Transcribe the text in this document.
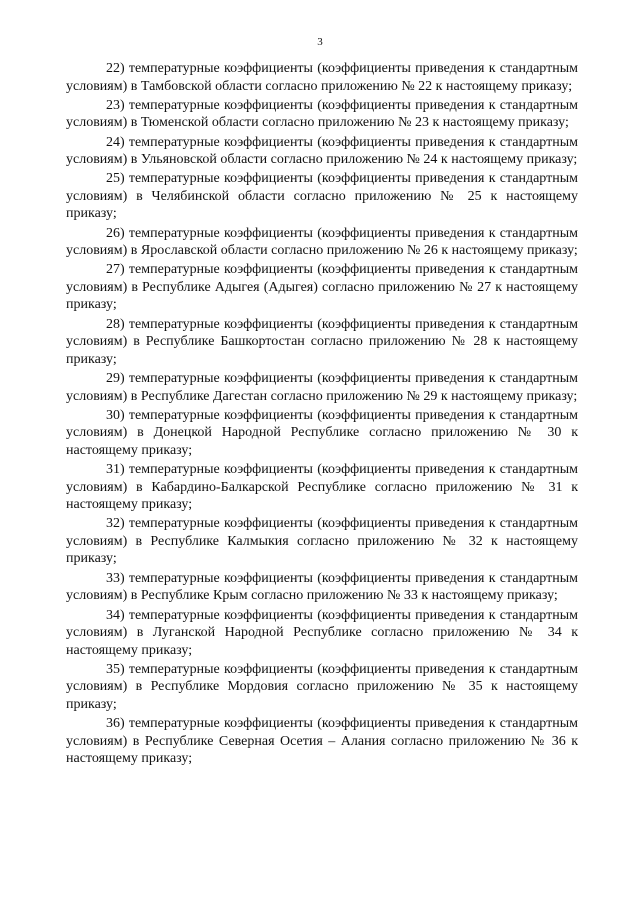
3

22) температурные коэффициенты (коэффициенты приведения к стандартным условиям) в Тамбовской области согласно приложению № 22 к настоящему приказу;

23) температурные коэффициенты (коэффициенты приведения к стандартным условиям) в Тюменской области согласно приложению № 23 к настоящему приказу;

24) температурные коэффициенты (коэффициенты приведения к стандартным условиям) в Ульяновской области согласно приложению № 24 к настоящему приказу;

25) температурные коэффициенты (коэффициенты приведения к стандартным условиям) в Челябинской области согласно приложению № 25 к настоящему приказу;

26) температурные коэффициенты (коэффициенты приведения к стандартным условиям) в Ярославской области согласно приложению № 26 к настоящему приказу;

27) температурные коэффициенты (коэффициенты приведения к стандартным условиям) в Республике Адыгея (Адыгея) согласно приложению № 27 к настоящему приказу;

28) температурные коэффициенты (коэффициенты приведения к стандартным условиям) в Республике Башкортостан согласно приложению № 28 к настоящему приказу;

29) температурные коэффициенты (коэффициенты приведения к стандартным условиям) в Республике Дагестан согласно приложению № 29 к настоящему приказу;

30) температурные коэффициенты (коэффициенты приведения к стандартным условиям) в Донецкой Народной Республике согласно приложению № 30 к настоящему приказу;

31) температурные коэффициенты (коэффициенты приведения к стандартным условиям) в Кабардино-Балкарской Республике согласно приложению № 31 к настоящему приказу;

32) температурные коэффициенты (коэффициенты приведения к стандартным условиям) в Республике Калмыкия согласно приложению № 32 к настоящему приказу;

33) температурные коэффициенты (коэффициенты приведения к стандартным условиям) в Республике Крым согласно приложению № 33 к настоящему приказу;

34) температурные коэффициенты (коэффициенты приведения к стандартным условиям) в Луганской Народной Республике согласно приложению № 34 к настоящему приказу;

35) температурные коэффициенты (коэффициенты приведения к стандартным условиям) в Республике Мордовия согласно приложению № 35 к настоящему приказу;

36) температурные коэффициенты (коэффициенты приведения к стандартным условиям) в Республике Северная Осетия – Алания согласно приложению № 36 к настоящему приказу;
